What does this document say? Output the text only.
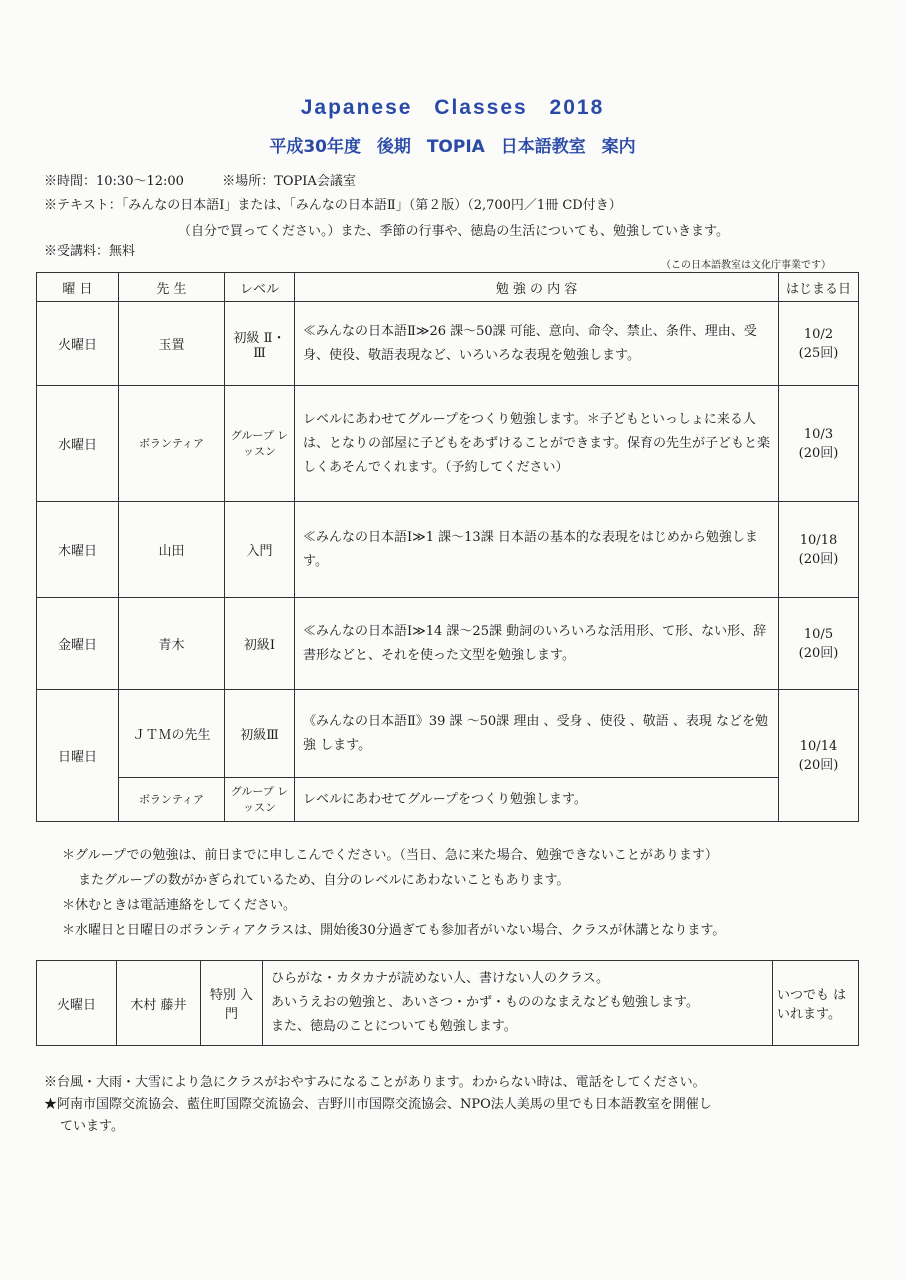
Japanese Classes 2018
平成30年度 後期 TOPIA 日本語教室 案内
※時間：10:30～12:00	※場所：TOPIA会議室
※テキスト：「みんなの日本語Ⅰ」または、「みんなの日本語Ⅱ」（第２版）（2,700円／1冊 CD付き）
（自分で買ってください。）また、季節の行事や、徳島の生活についても、勉強していきます。
※受講料：無料
（この日本語教室は文化庁事業です）
曜 日	先 生	レベル	勉 強 の 内 容	はじまる日
火曜日	玉置	初級 Ⅱ・Ⅲ	≪みんなの日本語Ⅱ≫26 課～50課 可能、意向、命令、禁止、条件、理由、受身、使役、敬語表現など、いろいろな表現を勉強します。	10/2
(25回)

水曜日	ボランティア	グループ レッスン	レベルにあわせてグループをつくり勉強します。＊子どもといっしょに来る人は、となりの部屋に子どもをあずけることができます。保育の先生が子どもと楽しくあそんでくれます。（予約してください）	10/3
(20回)

木曜日	山田	入門	≪みんなの日本語Ⅰ≫1 課～13課 日本語の基本的な表現をはじめから勉強します。	10/18
(20回)

金曜日	青木	初級Ⅰ	≪みんなの日本語Ⅰ≫14 課～25課 動詞のいろいろな活用形、て形、ない形、辞書形などと、それを使った文型を勉強します。	10/5
(20回)

日曜日	ＪＴＭの先生	初級Ⅲ	《みんなの日本語Ⅱ》39 課 ～50課 理由 、受身 、使役 、敬語 、表現 などを勉強 します。	10/14
(20回)

	ボランティア	グループ レッスン	レベルにあわせてグループをつくり勉強します。	
＊グループでの勉強は、前日までに申しこんでください。（当日、急に来た場合、勉強できないことがあります）
またグループの数がかぎられているため、自分のレベルにあわないこともあります。
＊休むときは電話連絡をしてください。
＊水曜日と日曜日のボランティアクラスは、開始後30分過ぎても参加者がいない場合、クラスが休講となります。
火曜日	木村 藤井	特別 入門	
ひらがな・カタカナが読めない人、書けない人のクラス。
あいうえおの勉強と、あいさつ・かず・もののなまえなども勉強します。
また、徳島のことについても勉強します。
	いつでも はいれます。
※台風・大雨・大雪により急にクラスがおやすみになることがあります。わからない時は、電話をしてください。
★阿南市国際交流協会、藍住町国際交流協会、吉野川市国際交流協会、NPO法人美馬の里でも日本語教室を開催し
ています。
